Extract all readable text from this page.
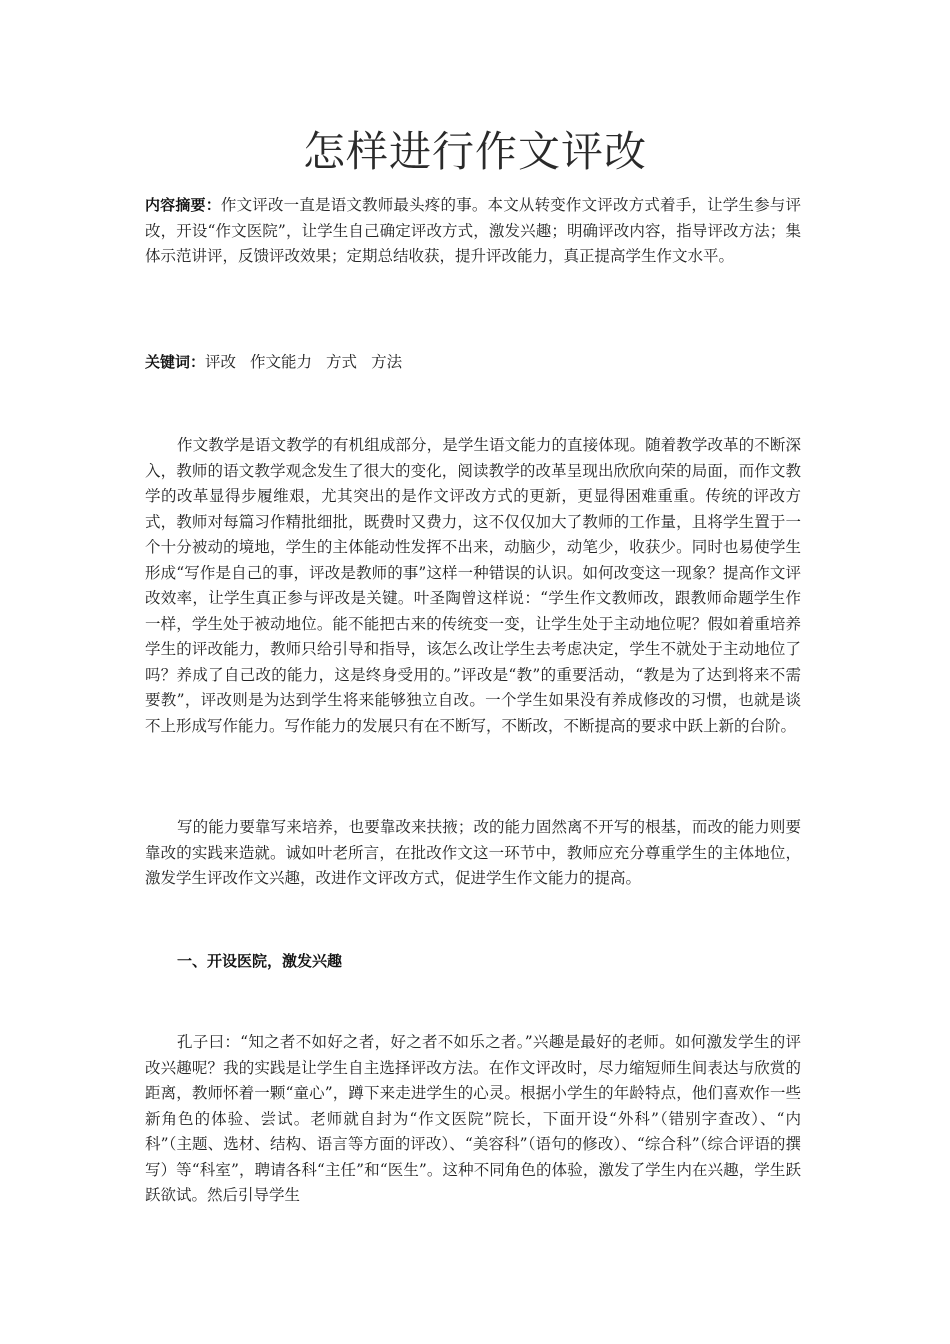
怎样进行作文评改
内容摘要：作文评改一直是语文教师最头疼的事。本文从转变作文评改方式着手，让学生参与评改，开设“作文医院”，让学生自己确定评改方式，激发兴趣；明确评改内容，指导评改方法；集体示范讲评，反馈评改效果；定期总结收获，提升评改能力，真正提高学生作文水平。
关键词：评改 作文能力 方式 方法
作文教学是语文教学的有机组成部分，是学生语文能力的直接体现。随着教学改革的不断深入，教师的语文教学观念发生了很大的变化，阅读教学的改革呈现出欣欣向荣的局面，而作文教学的改革显得步履维艰，尤其突出的是作文评改方式的更新，更显得困难重重。传统的评改方式，教师对每篇习作精批细批，既费时又费力，这不仅仅加大了教师的工作量，且将学生置于一个十分被动的境地，学生的主体能动性发挥不出来，动脑少，动笔少，收获少。同时也易使学生形成“写作是自己的事，评改是教师的事”这样一种错误的认识。如何改变这一现象？提高作文评改效率，让学生真正参与评改是关键。叶圣陶曾这样说：“学生作文教师改，跟教师命题学生作一样，学生处于被动地位。能不能把古来的传统变一变，让学生处于主动地位呢？假如着重培养学生的评改能力，教师只给引导和指导，该怎么改让学生去考虑决定，学生不就处于主动地位了吗？养成了自己改的能力，这是终身受用的。”评改是“教”的重要活动，“教是为了达到将来不需要教”，评改则是为达到学生将来能够独立自改。一个学生如果没有养成修改的习惯，也就是谈不上形成写作能力。写作能力的发展只有在不断写，不断改，不断提高的要求中跃上新的台阶。
写的能力要靠写来培养，也要靠改来扶掖；改的能力固然离不开写的根基，而改的能力则要靠改的实践来造就。诚如叶老所言，在批改作文这一环节中，教师应充分尊重学生的主体地位，激发学生评改作文兴趣，改进作文评改方式，促进学生作文能力的提高。
一、开设医院，激发兴趣
孔子曰：“知之者不如好之者，好之者不如乐之者。”兴趣是最好的老师。如何激发学生的评改兴趣呢？我的实践是让学生自主选择评改方法。在作文评改时，尽力缩短师生间表达与欣赏的距离，教师怀着一颗“童心”，蹲下来走进学生的心灵。根据小学生的年龄特点，他们喜欢作一些新角色的体验、尝试。老师就自封为“作文医院”院长，下面开设“外科”（错别字查改）、“内科”（主题、选材、结构、语言等方面的评改）、“美容科”（语句的修改）、“综合科”（综合评语的撰写）等“科室”，聘请各科“主任”和“医生”。这种不同角色的体验，激发了学生内在兴趣，学生跃跃欲试。然后引导学生
